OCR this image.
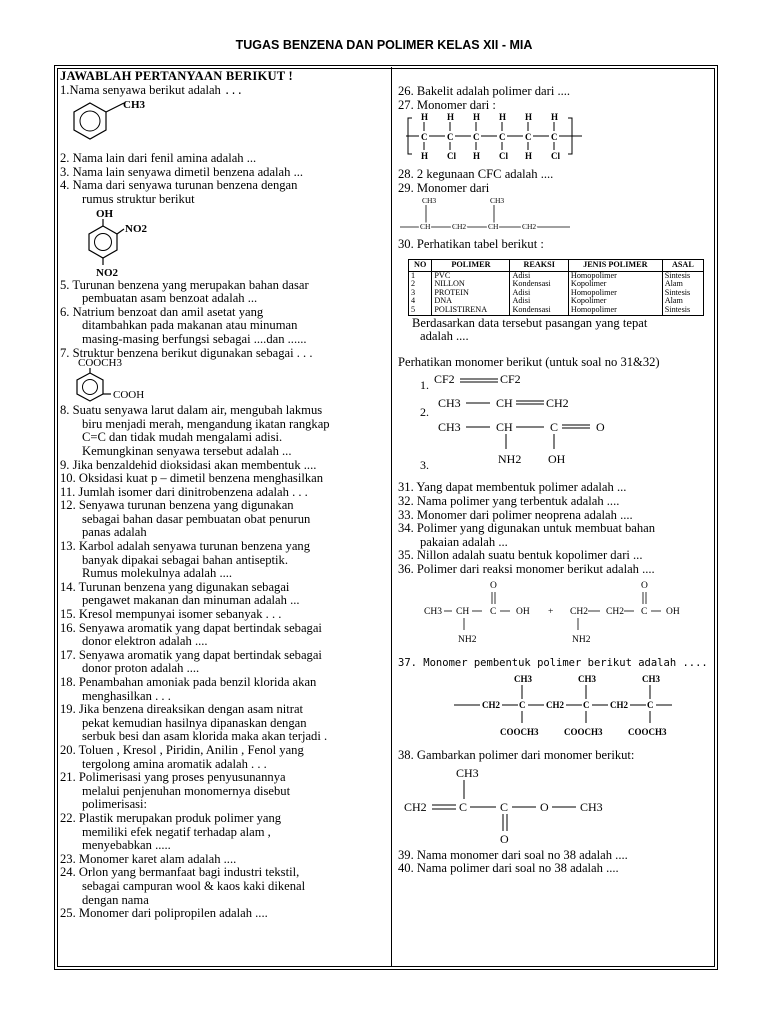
TUGAS BENZENA DAN POLIMER KELAS XII - MIA

JAWABLAH PERTANYAAN BERIKUT !

1.Nama senyawa berikut adalah ...

CH3

2. Nama lain dari fenil amina adalah ...

3. Nama lain senyawa dimetil benzena adalah ...

4. Nama dari senyawa turunan benzena dengan

rumus struktur berikut

OH
NO2
NO2

5. Turunan benzena yang merupakan bahan dasar

pembuatan asam benzoat adalah ...

6. Natrium benzoat dan amil asetat yang

ditambahkan pada makanan atau minuman

masing-masing berfungsi sebagai ....dan ......

7. Struktur benzena berikut digunakan sebagai . . .

COOCH3
COOH

8. Suatu senyawa larut dalam air, mengubah lakmus

biru menjadi merah, mengandung ikatan rangkap

C=C dan tidak mudah mengalami adisi.

Kemungkinan senyawa tersebut adalah ...

9. Jika benzaldehid dioksidasi akan membentuk ....

10. Oksidasi kuat p – dimetil benzena menghasilkan

11. Jumlah isomer dari dinitrobenzena adalah . . .

12. Senyawa turunan benzena yang digunakan

sebagai bahan dasar pembuatan obat penurun

panas adalah

13. Karbol adalah senyawa turunan benzena yang

banyak dipakai sebagai bahan antiseptik.

Rumus molekulnya adalah ....

14. Turunan benzena yang digunakan sebagai

pengawet makanan dan minuman adalah ...

15. Kresol mempunyai isomer sebanyak . . .

16. Senyawa aromatik yang dapat bertindak sebagai

donor elektron adalah ....

17. Senyawa aromatik yang dapat bertindak sebagai

donor proton adalah ....

18. Penambahan amoniak pada benzil klorida akan

menghasilkan . . .

19. Jika benzena direaksikan dengan asam nitrat

pekat kemudian hasilnya dipanaskan dengan

serbuk besi dan asam klorida maka akan terjadi .

20. Toluen , Kresol , Piridin, Anilin , Fenol yang

tergolong amina aromatik adalah . . .

21. Polimerisasi yang proses penyusunannya

melalui penjenuhan monomernya disebut

polimerisasi:

22. Plastik merupakan produk polimer yang

memiliki efek negatif terhadap alam ,

menyebabkan .....

23. Monomer karet alam adalah ....

24. Orlon yang bermanfaat bagi industri tekstil,

sebagai campuran wool & kaos kaki dikenal

dengan nama

25. Monomer dari polipropilen adalah ....

26. Bakelit adalah polimer dari ....

27. Monomer dari :

H
C
H
H
C
Cl
H
C
H
H
C
Cl
H
C
H
H
C
Cl

28. 2 kegunaan CFC adalah ....

29. Monomer dari

CH3
CH	CH2
CH3
CH	CH2

30. Perhatikan tabel berikut :

NO	POLIMER	REAKSI	JENIS POLIMER	ASAL
1	PVC	Adisi	Homopolimer	Sintesis
2	NILLON	Kondensasi	Kopolimer	Alam
3	PROTEIN	Adisi	Homopolimer	Sintesis
4	DNA	Adisi	Kopolimer	Alam
5	POLISTIRENA	Kondensasi	Homopolimer	Sintesis

Berdasarkan data tersebut pasangan yang tepat

adalah ....

Perhatikan monomer berikut (untuk soal no 31&32)

1. CF2	CF2
2.
CH3	CH	CH2
CH3	CH	C	O
3.	NH2 OH

31. Yang dapat membentuk polimer adalah ...

32. Nama polimer yang terbentuk adalah ....

33. Monomer dari polimer neoprena adalah ....

34. Polimer yang digunakan untuk membuat bahan

pakaian adalah ...

35. Nillon adalah suatu bentuk kopolimer dari ...

36. Polimer dari reaksi monomer berikut adalah ....

O
CH3 CH C OH
NH2
+
O
CH2 CH2 C OH
NH2

37. Monomer pembentuk polimer berikut adalah ....

CH2 C
CH3
COOCH3
CH2 C
CH3
COOCH3
CH2 C
CH3
COOCH3

38. Gambarkan polimer dari monomer berikut:

CH3
CH2	C	C	O	CH3
O

39. Nama monomer dari soal no 38 adalah ....

40. Nama polimer dari soal no 38 adalah ....
